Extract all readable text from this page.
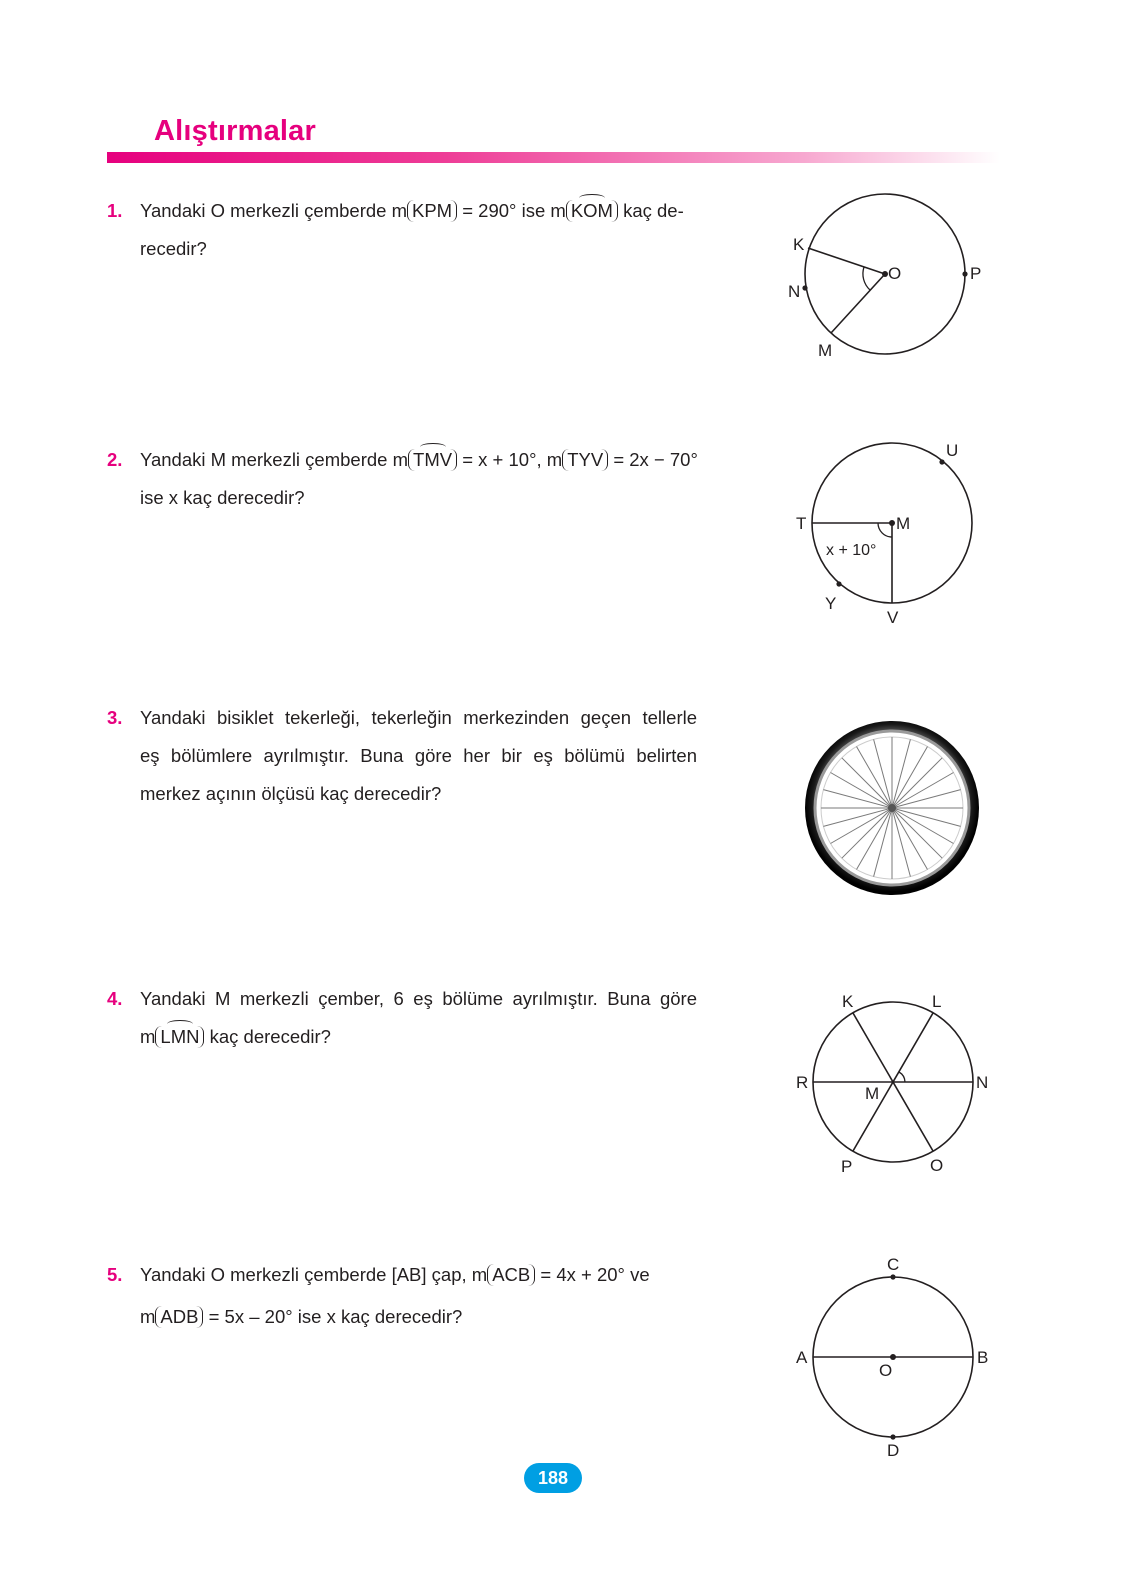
Alıştırmalar
1. Yandaki O merkezli çemberde m KPM = 290° ise m KOM kaç de-
recedir?	K
O	P
N
M
2. Yandaki M merkezli çemberde m TMV = x + 10°, m TYV = 2x − 70°
ise x kaç derecedir?
U
T	M
x + 10°
Y
V
3. Yandaki bisiklet tekerleği, tekerleğin merkezinden geçen tellerle
eş bölümlere ayrılmıştır. Buna göre her bir eş bölümü belirten
merkez açının ölçüsü kaç derecedir?
4. Yandaki M merkezli çember, 6 eş bölüme ayrılmıştır. Buna göre
m LMN kaç derecedir?
K	L
R
M
N
P	O
5. Yandaki O merkezli çemberde [AB] çap, m ACB = 4x + 20° ve
m ADB = 5x – 20° ise x kaç derecedir?
C
A	B
O
D
188
